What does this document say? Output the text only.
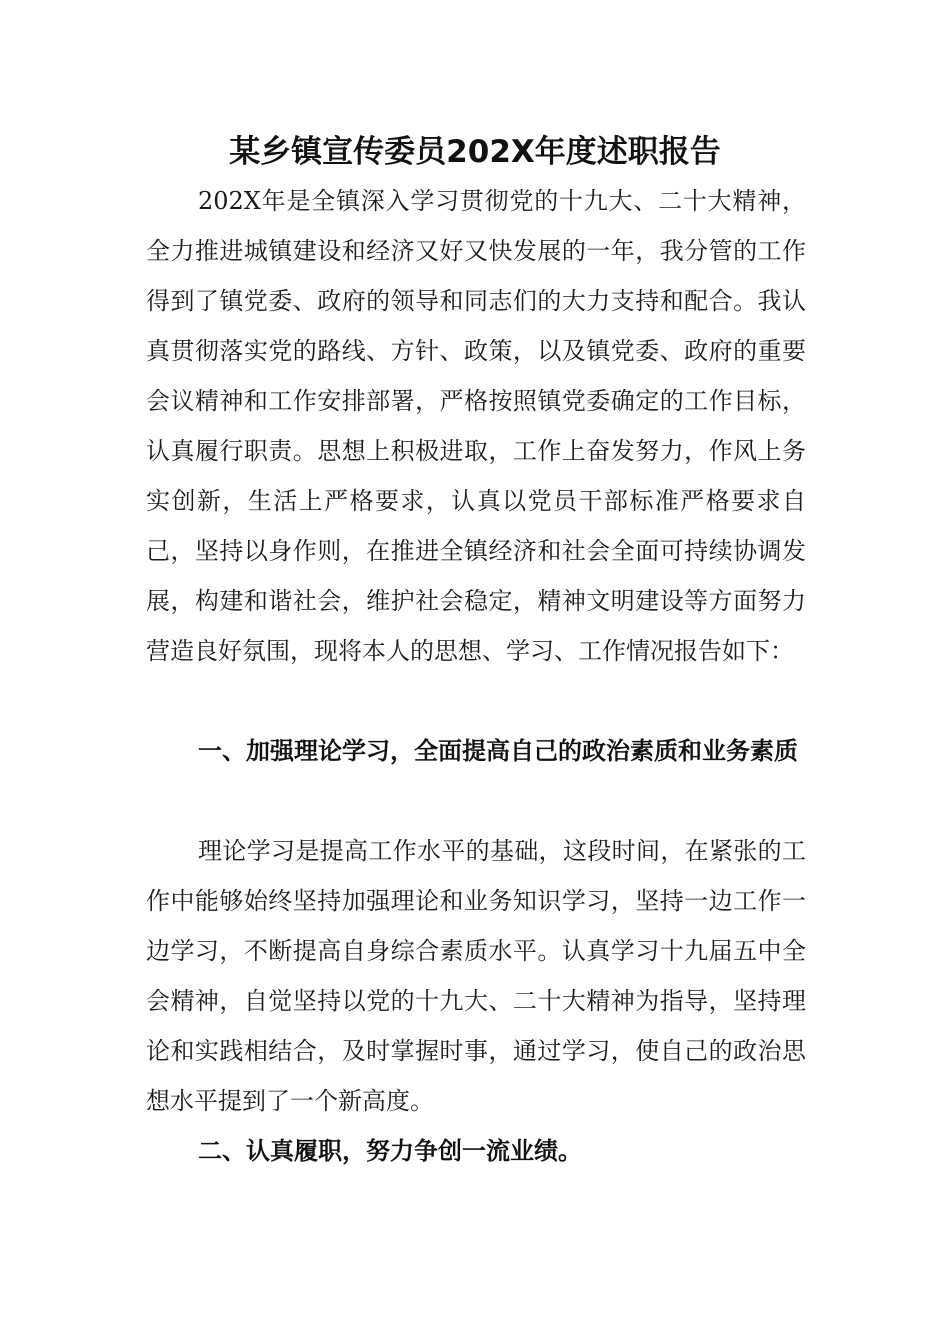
某乡镇宣传委员202X年度述职报告

202X年是全镇深入学习贯彻党的十九大、二十大精神，全力推进城镇建设和经济又好又快发展的一年，我分管的工作得到了镇党委、政府的领导和同志们的大力支持和配合。我认真贯彻落实党的路线、方针、政策，以及镇党委、政府的重要会议精神和工作安排部署，严格按照镇党委确定的工作目标，认真履行职责。思想上积极进取，工作上奋发努力，作风上务实创新，生活上严格要求，认真以党员干部标准严格要求自己，坚持以身作则，在推进全镇经济和社会全面可持续协调发展，构建和谐社会，维护社会稳定，精神文明建设等方面努力营造良好氛围，现将本人的思想、学习、工作情况报告如下：

一、加强理论学习，全面提高自己的政治素质和业务素质

理论学习是提高工作水平的基础，这段时间，在紧张的工作中能够始终坚持加强理论和业务知识学习，坚持一边工作一边学习，不断提高自身综合素质水平。认真学习十九届五中全会精神，自觉坚持以党的十九大、二十大精神为指导，坚持理论和实践相结合，及时掌握时事，通过学习，使自己的政治思想水平提到了一个新高度。

二、认真履职，努力争创一流业绩。
